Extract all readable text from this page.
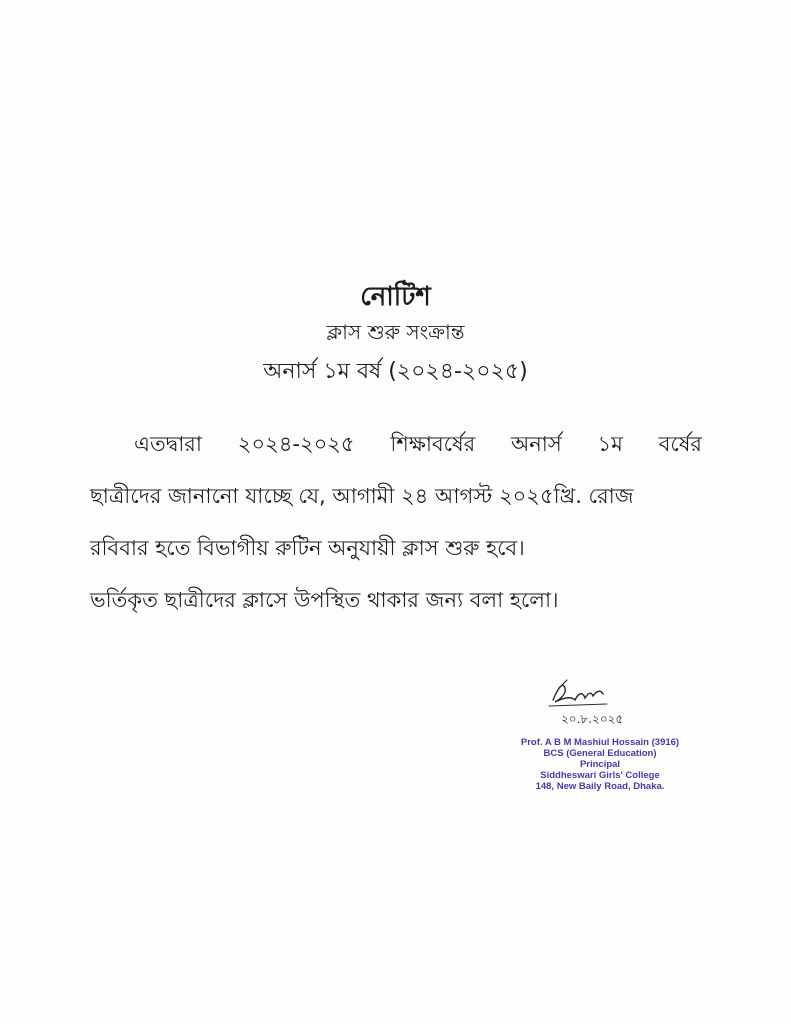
নোটিশ
ক্লাস শুরু সংক্রান্ত
অনার্স ১ম বর্ষ (২০২৪-২০২৫)
এতদ্বারা ২০২৪-২০২৫ শিক্ষাবর্ষের অনার্স ১ম বর্ষের
ছাত্রীদের জানানো যাচ্ছে যে, আগামী ২৪ আগস্ট ২০২৫খ্রি. রোজ
রবিবার হতে বিভাগীয় রুটিন অনুযায়ী ক্লাস শুরু হবে।
ভর্তিকৃত ছাত্রীদের ক্লাসে উপস্থিত থাকার জন্য বলা হলো।
২০.৮.২০২৫
Prof. A B M Mashiul Hossain (3916)
BCS (General Education)
Principal
Siddheswari Girls' College
148, New Baily Road, Dhaka.
